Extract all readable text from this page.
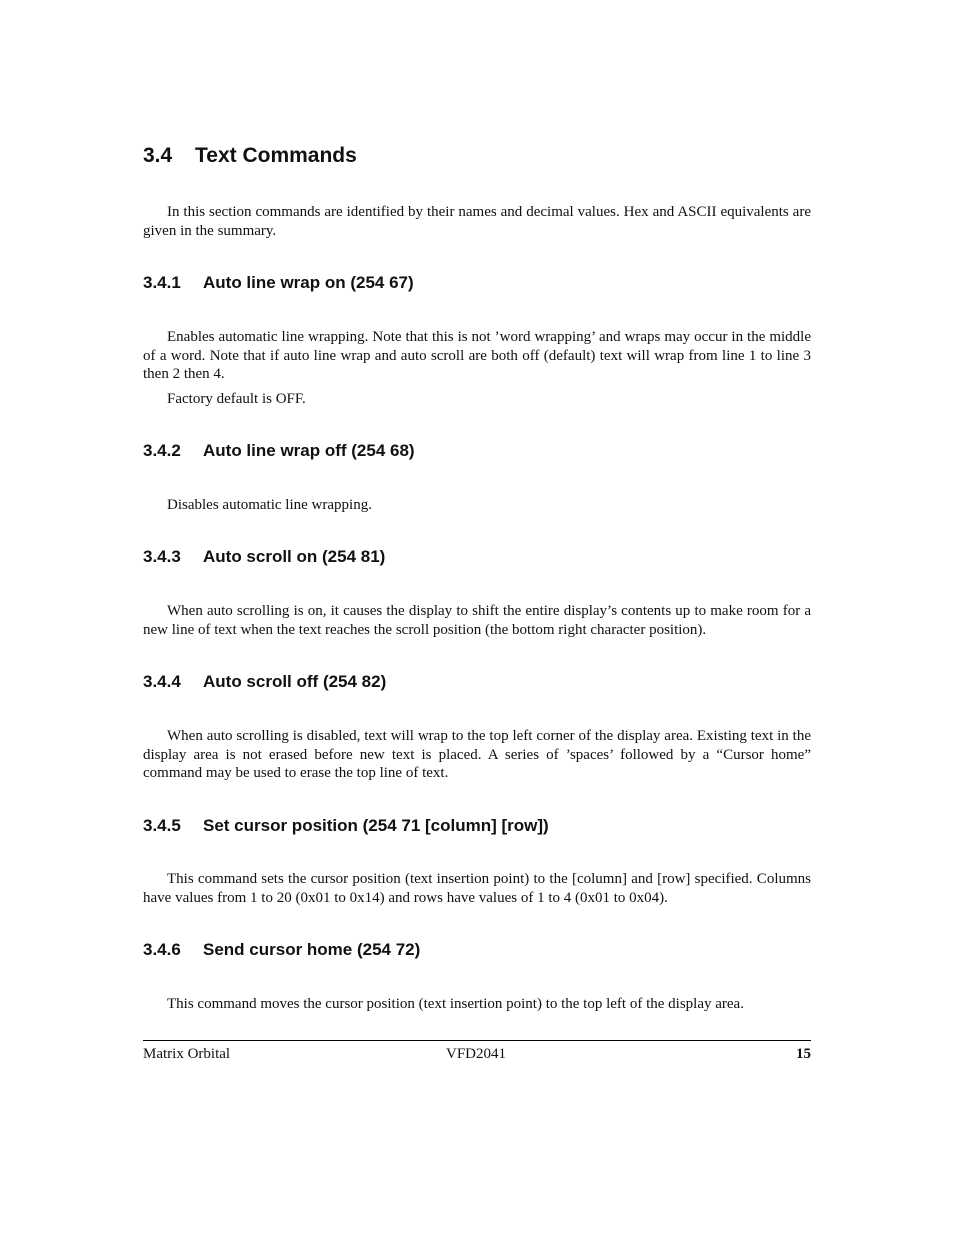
3.4 Text Commands

In this section commands are identified by their names and decimal values. Hex and ASCII equivalents are given in the summary.

3.4.1 Auto line wrap on (254 67)

Enables automatic line wrapping. Note that this is not ’word wrapping’ and wraps may occur in the middle of a word. Note that if auto line wrap and auto scroll are both off (default) text will wrap from line 1 to line 3 then 2 then 4.

Factory default is OFF.

3.4.2 Auto line wrap off (254 68)

Disables automatic line wrapping.

3.4.3 Auto scroll on (254 81)

When auto scrolling is on, it causes the display to shift the entire display’s contents up to make room for a new line of text when the text reaches the scroll position (the bottom right character position).

3.4.4 Auto scroll off (254 82)

When auto scrolling is disabled, text will wrap to the top left corner of the display area. Existing text in the display area is not erased before new text is placed. A series of ’spaces’ followed by a “Cursor home” command may be used to erase the top line of text.

3.4.5 Set cursor position (254 71 [column] [row])

This command sets the cursor position (text insertion point) to the [column] and [row] specified. Columns have values from 1 to 20 (0x01 to 0x14) and rows have values of 1 to 4 (0x01 to 0x04).

3.4.6 Send cursor home (254 72)

This command moves the cursor position (text insertion point) to the top left of the display area.

Matrix Orbital	VFD2041	15
